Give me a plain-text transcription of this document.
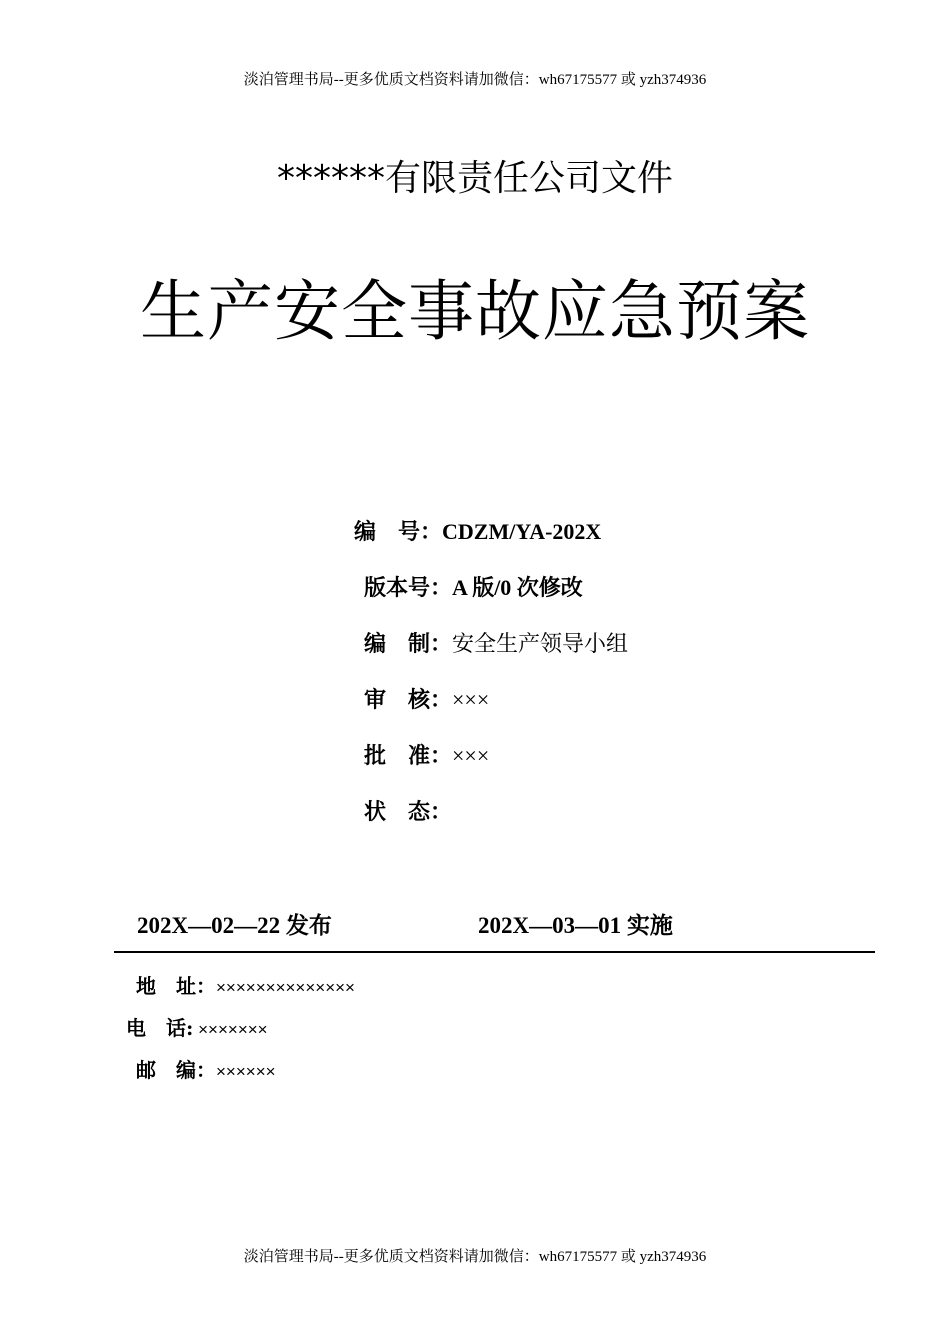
淡泊管理书局--更多优质文档资料请加微信：wh67175577 或 yzh374936
******有限责任公司文件
生产安全事故应急预案
编　号：CDZM/YA-202X
版本号：A 版/0 次修改
编　制：安全生产领导小组
审　核：×××
批　准：×××
状　态：
202X—02—22 发布	202X—03—01 实施
地　址：××××××××××××××
电　话: ×××××××
邮　编：××××××
淡泊管理书局--更多优质文档资料请加微信：wh67175577 或 yzh374936
